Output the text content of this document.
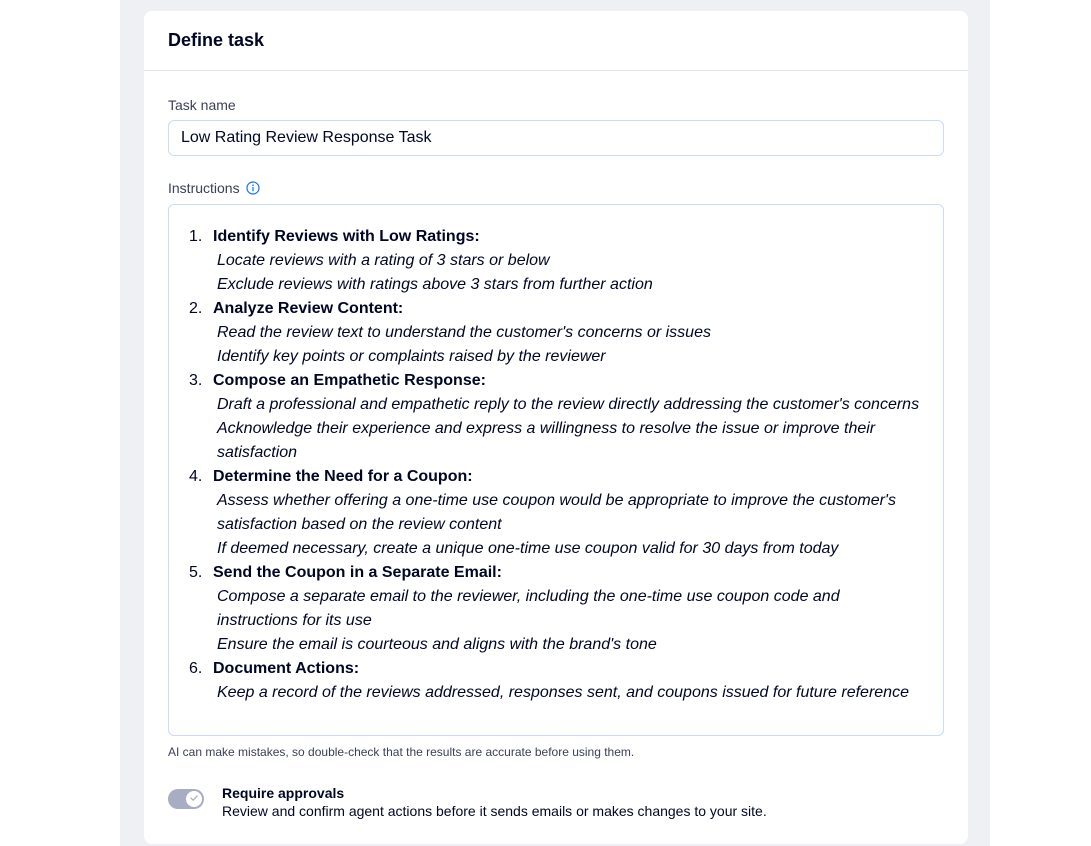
Define task
Task name
Low Rating Review Response Task
Instructions
1. Identify Reviews with Low Ratings:
Locate reviews with a rating of 3 stars or below
Exclude reviews with ratings above 3 stars from further action
2. Analyze Review Content:
Read the review text to understand the customer's concerns or issues
Identify key points or complaints raised by the reviewer
3. Compose an Empathetic Response:
Draft a professional and empathetic reply to the review directly addressing the customer's concerns
Acknowledge their experience and express a willingness to resolve the issue or improve their satisfaction
4. Determine the Need for a Coupon:
Assess whether offering a one-time use coupon would be appropriate to improve the customer's satisfaction based on the review content
If deemed necessary, create a unique one-time use coupon valid for 30 days from today
5. Send the Coupon in a Separate Email:
Compose a separate email to the reviewer, including the one-time use coupon code and instructions for its use
Ensure the email is courteous and aligns with the brand's tone
6. Document Actions:
Keep a record of the reviews addressed, responses sent, and coupons issued for future reference
AI can make mistakes, so double-check that the results are accurate before using them.
Require approvals
Review and confirm agent actions before it sends emails or makes changes to your site.
